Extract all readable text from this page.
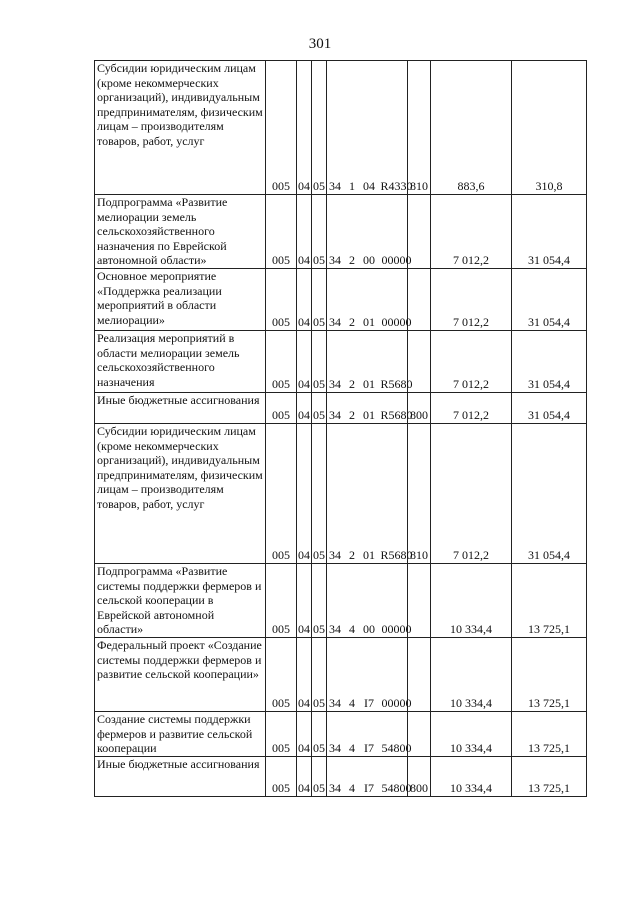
301
Субсидии юридическим лицам (кроме некоммерческих организаций), индивидуальным предпринимателям, физическим лицам – производителям товаров, работ, услуг	005	04	05	34 1 04 R4330	810	883,6	310,8
Подпрограмма «Развитие мелиорации земель сельскохозяйственного назначения по Еврейской автономной области»	005	04	05	34 2 00 00000		7 012,2	31 054,4
Основное мероприятие «Поддержка реализации мероприятий в области мелиорации»	005	04	05	34 2 01 00000		7 012,2	31 054,4
Реализация мероприятий в области мелиорации земель сельскохозяйственного назначения	005	04	05	34 2 01 R5680		7 012,2	31 054,4
Иные бюджетные ассигнования	005	04	05	34 2 01 R5680	800	7 012,2	31 054,4
Субсидии юридическим лицам (кроме некоммерческих организаций), индивидуальным предпринимателям, физическим лицам – производителям товаров, работ, услуг	005	04	05	34 2 01 R5680	810	7 012,2	31 054,4
Подпрограмма «Развитие системы поддержки фермеров и сельской кооперации в Еврейской автономной области»	005	04	05	34 4 00 00000		10 334,4	13 725,1
Федеральный проект «Создание системы поддержки фермеров и развитие сельской кооперации»	005	04	05	34 4 I7 00000		10 334,4	13 725,1
Создание системы поддержки фермеров и развитие сельской кооперации	005	04	05	34 4 I7 54800		10 334,4	13 725,1
Иные бюджетные ассигнования	005	04	05	34 4 I7 54800	800	10 334,4	13 725,1
